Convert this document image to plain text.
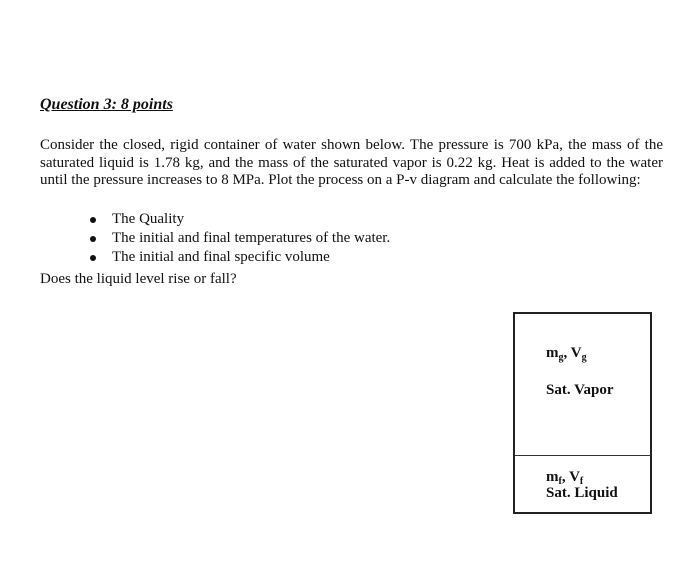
Question 3: 8 points
Consider the closed, rigid container of water shown below. The pressure is 700 kPa, the mass of the saturated liquid is 1.78 kg, and the mass of the saturated vapor is 0.22 kg. Heat is added to the water until the pressure increases to 8 MPa. Plot the process on a P-v diagram and calculate the following:
The Quality
The initial and final temperatures of the water.
The initial and final specific volume
Does the liquid level rise or fall?
$m_g$, $V_g$
Sat. Vapor
$m_f$, $V_f$
Sat. Liquid
